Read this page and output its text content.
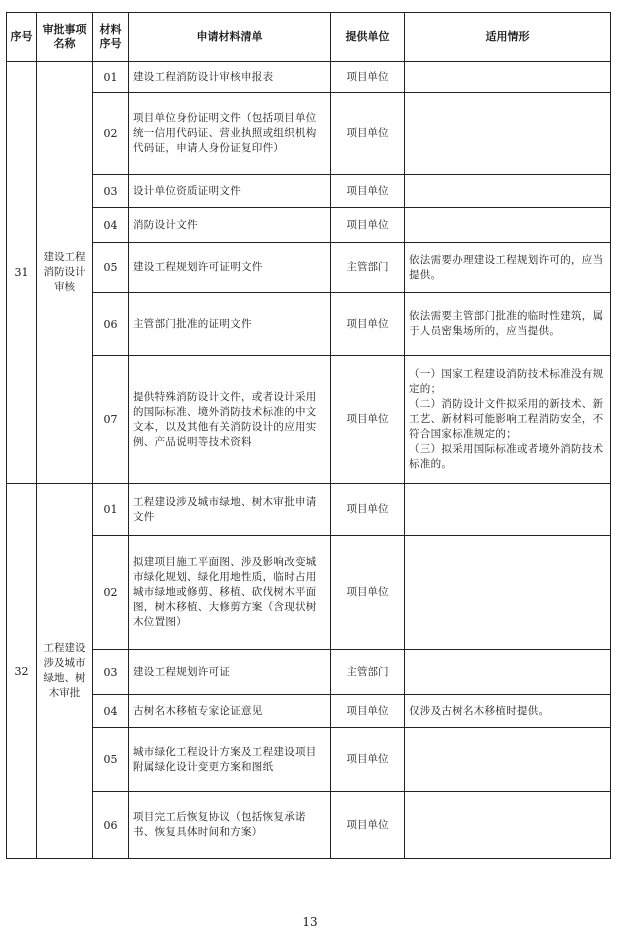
序号	审批事项名称	材料序号	申请材料清单	提供单位	适用情形
31	建设工程消防设计审核	01	建设工程消防设计审核申报表	项目单位	
		02	项目单位身份证明文件（包括项目单位统一信用代码证、营业执照或组织机构代码证，申请人身份证复印件）	项目单位	
		03	设计单位资质证明文件	项目单位	
		04	消防设计文件	项目单位	
		05	建设工程规划许可证明文件	主管部门	依法需要办理建设工程规划许可的，应当提供。
		06	主管部门批准的证明文件	项目单位	依法需要主管部门批准的临时性建筑，属于人员密集场所的，应当提供。
		07	提供特殊消防设计文件，或者设计采用的国际标准、境外消防技术标准的中文文本，以及其他有关消防设计的应用实例、产品说明等技术资料	项目单位	（一）国家工程建设消防技术标准没有规定的；
（二）消防设计文件拟采用的新技术、新工艺、新材料可能影响工程消防安全，不符合国家标准规定的；
（三）拟采用国际标准或者境外消防技术标准的。
32	工程建设涉及城市绿地、树木审批	01	工程建设涉及城市绿地、树木审批申请文件	项目单位	
		02	拟建项目施工平面图、涉及影响改变城市绿化规划、绿化用地性质，临时占用城市绿地或修剪、移植、砍伐树木平面图，树木移植、大修剪方案（含现状树木位置图）	项目单位	
		03	建设工程规划许可证	主管部门	
		04	古树名木移植专家论证意见	项目单位	仅涉及古树名木移植时提供。
		05	城市绿化工程设计方案及工程建设项目附属绿化设计变更方案和图纸	项目单位	
		06	项目完工后恢复协议（包括恢复承诺书、恢复具体时间和方案）	项目单位	
13
